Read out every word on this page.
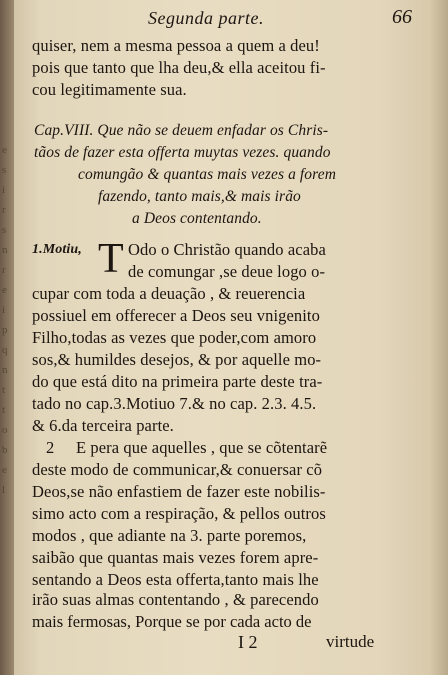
e
s
i
r
s
n
r
e
i
p
q
n
t
t
o
b
e
l
Segunda parte.	66
quiser, nem a mesma pessoa a quem a deu!
pois que tanto que lha deu,& ella aceitou fi-
cou legitimamente sua.
Cap.VIII. Que não se deuem enfadar os Chris-
tãos de fazer esta offerta muytas vezes. quando
comungão & quantas mais vezes a forem
fazendo, tanto mais,& mais irão
a Deos contentando.
1.Motiu, T Odo o Christão quando acaba
de comungar ,se deue logo o-
cupar com toda a deuação , & reuerencia
possiuel em offerecer a Deos seu vnigenito
Filho,todas as vezes que poder,com amoro
sos,& humildes desejos, & por aquelle mo-
do que está dito na primeira parte deste tra-
tado no cap.3.Motiuo 7.& no cap. 2.3. 4.5.
& 6.da terceira parte.
2 E pera que aquelles , que se cõtentarẽ
deste modo de communicar,& conuersar cõ
Deos,se não enfastiem de fazer este nobilis-
simo acto com a respiração, & pellos outros
modos , que adiante na 3. parte poremos,
saibão que quantas mais vezes forem apre-
sentando a Deos esta offerta,tanto mais lhe
irão suas almas contentando , & parecendo
mais fermosas, Porque se por cada acto de
I 2	virtude
